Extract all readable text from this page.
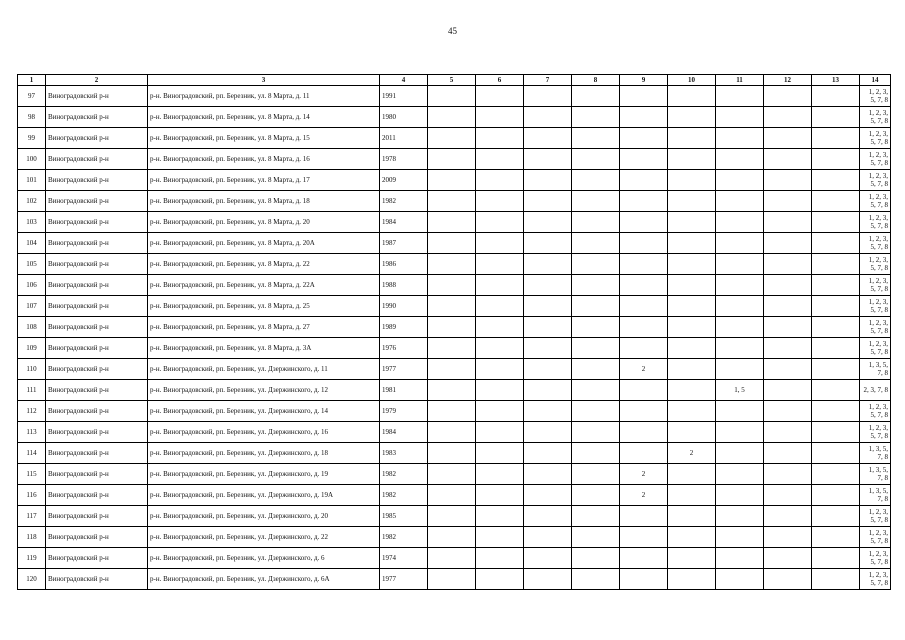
45
1	2	3	4	5	6	7	8	9	10	11	12	13	14
97	Виноградовский р-н	р-н. Виноградовский, рп. Березник, ул. 8 Марта, д. 11	1991										1, 2, 3, 5, 7, 8
98	Виноградовский р-н	р-н. Виноградовский, рп. Березник, ул. 8 Марта, д. 14	1980										1, 2, 3, 5, 7, 8
99	Виноградовский р-н	р-н. Виноградовский, рп. Березник, ул. 8 Марта, д. 15	2011										1, 2, 3, 5, 7, 8
100	Виноградовский р-н	р-н. Виноградовский, рп. Березник, ул. 8 Марта, д. 16	1978										1, 2, 3, 5, 7, 8
101	Виноградовский р-н	р-н. Виноградовский, рп. Березник, ул. 8 Марта, д. 17	2009										1, 2, 3, 5, 7, 8
102	Виноградовский р-н	р-н. Виноградовский, рп. Березник, ул. 8 Марта, д. 18	1982										1, 2, 3, 5, 7, 8
103	Виноградовский р-н	р-н. Виноградовский, рп. Березник, ул. 8 Марта, д. 20	1984										1, 2, 3, 5, 7, 8
104	Виноградовский р-н	р-н. Виноградовский, рп. Березник, ул. 8 Марта, д. 20А	1987										1, 2, 3, 5, 7, 8
105	Виноградовский р-н	р-н. Виноградовский, рп. Березник, ул. 8 Марта, д. 22	1986										1, 2, 3, 5, 7, 8
106	Виноградовский р-н	р-н. Виноградовский, рп. Березник, ул. 8 Марта, д. 22А	1988										1, 2, 3, 5, 7, 8
107	Виноградовский р-н	р-н. Виноградовский, рп. Березник, ул. 8 Марта, д. 25	1990										1, 2, 3, 5, 7, 8
108	Виноградовский р-н	р-н. Виноградовский, рп. Березник, ул. 8 Марта, д. 27	1989										1, 2, 3, 5, 7, 8
109	Виноградовский р-н	р-н. Виноградовский, рп. Березник, ул. 8 Марта, д. 3А	1976										1, 2, 3, 5, 7, 8
110	Виноградовский р-н	р-н. Виноградовский, рп. Березник, ул. Дзержинского, д. 11	1977					2					1, 3, 5, 7, 8
111	Виноградовский р-н	р-н. Виноградовский, рп. Березник, ул. Дзержинского, д. 12	1981							1, 5			2, 3, 7, 8
112	Виноградовский р-н	р-н. Виноградовский, рп. Березник, ул. Дзержинского, д. 14	1979										1, 2, 3, 5, 7, 8
113	Виноградовский р-н	р-н. Виноградовский, рп. Березник, ул. Дзержинского, д. 16	1984										1, 2, 3, 5, 7, 8
114	Виноградовский р-н	р-н. Виноградовский, рп. Березник, ул. Дзержинского, д. 18	1983						2				1, 3, 5, 7, 8
115	Виноградовский р-н	р-н. Виноградовский, рп. Березник, ул. Дзержинского, д. 19	1982					2					1, 3, 5, 7, 8
116	Виноградовский р-н	р-н. Виноградовский, рп. Березник, ул. Дзержинского, д. 19А	1982					2					1, 3, 5, 7, 8
117	Виноградовский р-н	р-н. Виноградовский, рп. Березник, ул. Дзержинского, д. 20	1985										1, 2, 3, 5, 7, 8
118	Виноградовский р-н	р-н. Виноградовский, рп. Березник, ул. Дзержинского, д. 22	1982										1, 2, 3, 5, 7, 8
119	Виноградовский р-н	р-н. Виноградовский, рп. Березник, ул. Дзержинского, д. 6	1974										1, 2, 3, 5, 7, 8
120	Виноградовский р-н	р-н. Виноградовский, рп. Березник, ул. Дзержинского, д. 6А	1977										1, 2, 3, 5, 7, 8
